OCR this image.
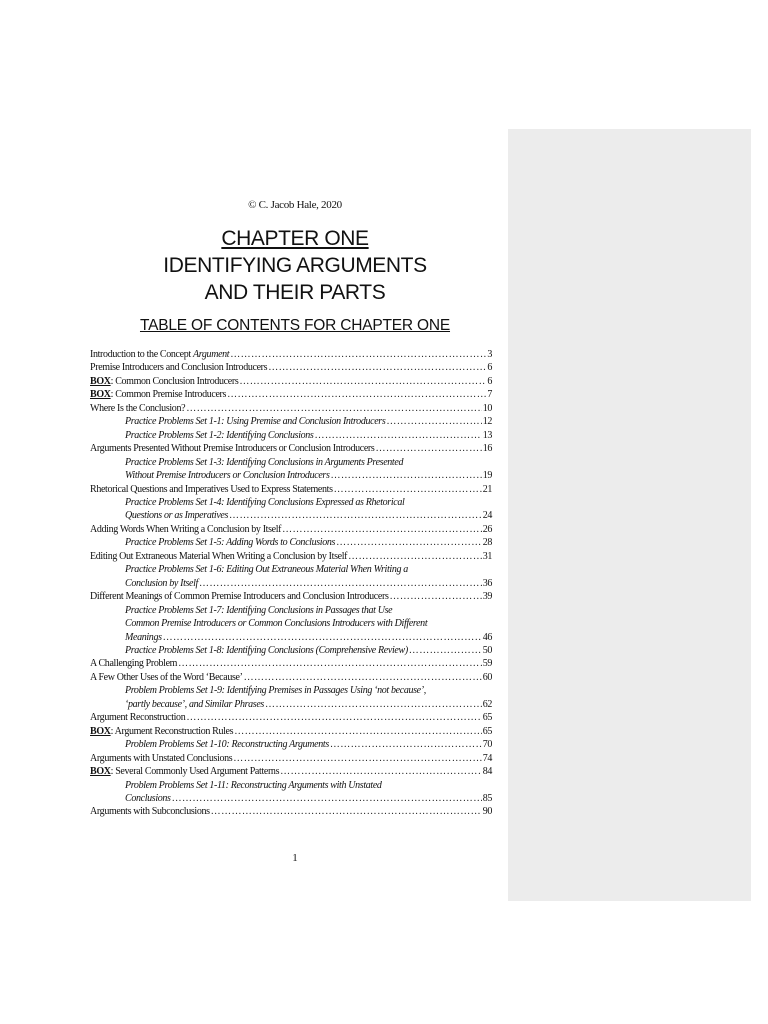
© C. Jacob Hale, 2020
CHAPTER ONE
IDENTIFYING ARGUMENTS
AND THEIR PARTS
TABLE OF CONTENTS FOR CHAPTER ONE
Introduction to the Concept Argument …………………………………………………………………………………………………………………………………………………………	3
Premise Introducers and Conclusion Introducers …………………………………………………………………………………………………………………………………………………………	6
BOX: Common Conclusion Introducers …………………………………………………………………………………………………………………………………………………………	6
BOX: Common Premise Introducers …………………………………………………………………………………………………………………………………………………………	7
Where Is the Conclusion? …………………………………………………………………………………………………………………………………………………………	10
Practice Problems Set 1-1: Using Premise and Conclusion Introducers …………………………………………………………………………………………………………………………………………………………	12
Practice Problems Set 1-2: Identifying Conclusions …………………………………………………………………………………………………………………………………………………………	13
Arguments Presented Without Premise Introducers or Conclusion Introducers …………………………………………………………………………………………………………………………………………………………	16
Practice Problems Set 1-3: Identifying Conclusions in Arguments Presented
Without Premise Introducers or Conclusion Introducers …………………………………………………………………………………………………………………………………………………………	19
Rhetorical Questions and Imperatives Used to Express Statements …………………………………………………………………………………………………………………………………………………………	21
Practice Problems Set 1-4: Identifying Conclusions Expressed as Rhetorical
Questions or as Imperatives …………………………………………………………………………………………………………………………………………………………	24
Adding Words When Writing a Conclusion by Itself …………………………………………………………………………………………………………………………………………………………	26
Practice Problems Set 1-5: Adding Words to Conclusions …………………………………………………………………………………………………………………………………………………………	28
Editing Out Extraneous Material When Writing a Conclusion by Itself …………………………………………………………………………………………………………………………………………………………	31
Practice Problems Set 1-6: Editing Out Extraneous Material When Writing a
Conclusion by Itself …………………………………………………………………………………………………………………………………………………………	36
Different Meanings of Common Premise Introducers and Conclusion Introducers …………………………………………………………………………………………………………………………………………………………	39
Practice Problems Set 1-7: Identifying Conclusions in Passages that Use
Common Premise Introducers or Common Conclusions Introducers with Different
Meanings …………………………………………………………………………………………………………………………………………………………	46
Practice Problems Set 1-8: Identifying Conclusions (Comprehensive Review) …………………………………………………………………………………………………………………………………………………………	50
A Challenging Problem …………………………………………………………………………………………………………………………………………………………	59
A Few Other Uses of the Word ‘Because’ …………………………………………………………………………………………………………………………………………………………	60
Problem Problems Set 1-9: Identifying Premises in Passages Using ‘not because’,
‘partly because’, and Similar Phrases …………………………………………………………………………………………………………………………………………………………	62
Argument Reconstruction …………………………………………………………………………………………………………………………………………………………	65
BOX: Argument Reconstruction Rules …………………………………………………………………………………………………………………………………………………………	65
Problem Problems Set 1-10: Reconstructing Arguments …………………………………………………………………………………………………………………………………………………………	70
Arguments with Unstated Conclusions …………………………………………………………………………………………………………………………………………………………	74
BOX: Several Commonly Used Argument Patterns …………………………………………………………………………………………………………………………………………………………	84
Problem Problems Set 1-11: Reconstructing Arguments with Unstated
Conclusions …………………………………………………………………………………………………………………………………………………………	85
Arguments with Subconclusions …………………………………………………………………………………………………………………………………………………………	90
1
